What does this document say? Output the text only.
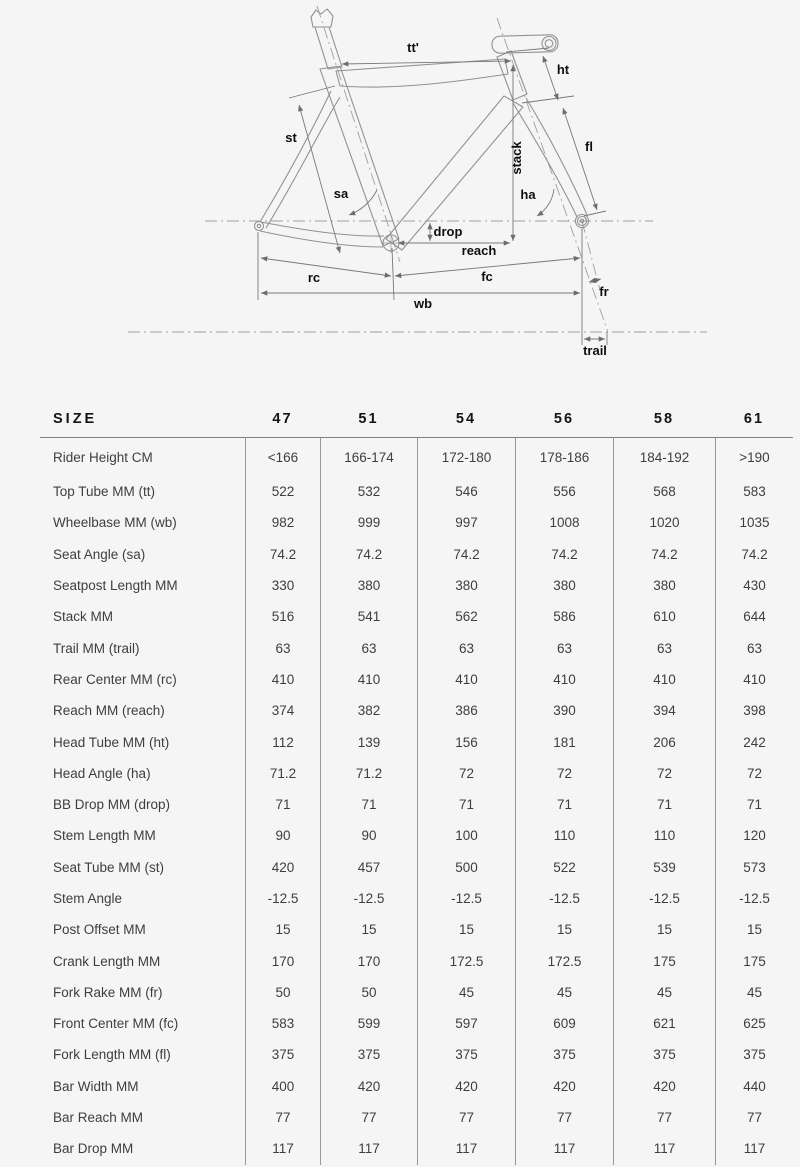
tt'
ht
st
fl
stack
sa	ha
drop
reach
rc	fc
wb
fr
trail
SIZE	47	51	54	56	58	61
Rider Height CM	<166	166-174	172-180	178-186	184-192	>190
Top Tube MM (tt)	522	532	546	556	568	583
Wheelbase MM (wb)	982	999	997	1008	1020	1035
Seat Angle (sa)	74.2	74.2	74.2	74.2	74.2	74.2
Seatpost Length MM	330	380	380	380	380	430
Stack MM	516	541	562	586	610	644
Trail MM (trail)	63	63	63	63	63	63
Rear Center MM (rc)	410	410	410	410	410	410
Reach MM (reach)	374	382	386	390	394	398
Head Tube MM (ht)	112	139	156	181	206	242
Head Angle (ha)	71.2	71.2	72	72	72	72
BB Drop MM (drop)	71	71	71	71	71	71
Stem Length MM	90	90	100	110	110	120
Seat Tube MM (st)	420	457	500	522	539	573
Stem Angle	-12.5	-12.5	-12.5	-12.5	-12.5	-12.5
Post Offset MM	15	15	15	15	15	15
Crank Length MM	170	170	172.5	172.5	175	175
Fork Rake MM (fr)	50	50	45	45	45	45
Front Center MM (fc)	583	599	597	609	621	625
Fork Length MM (fl)	375	375	375	375	375	375
Bar Width MM	400	420	420	420	420	440
Bar Reach MM	77	77	77	77	77	77
Bar Drop MM	117	117	117	117	117	117
